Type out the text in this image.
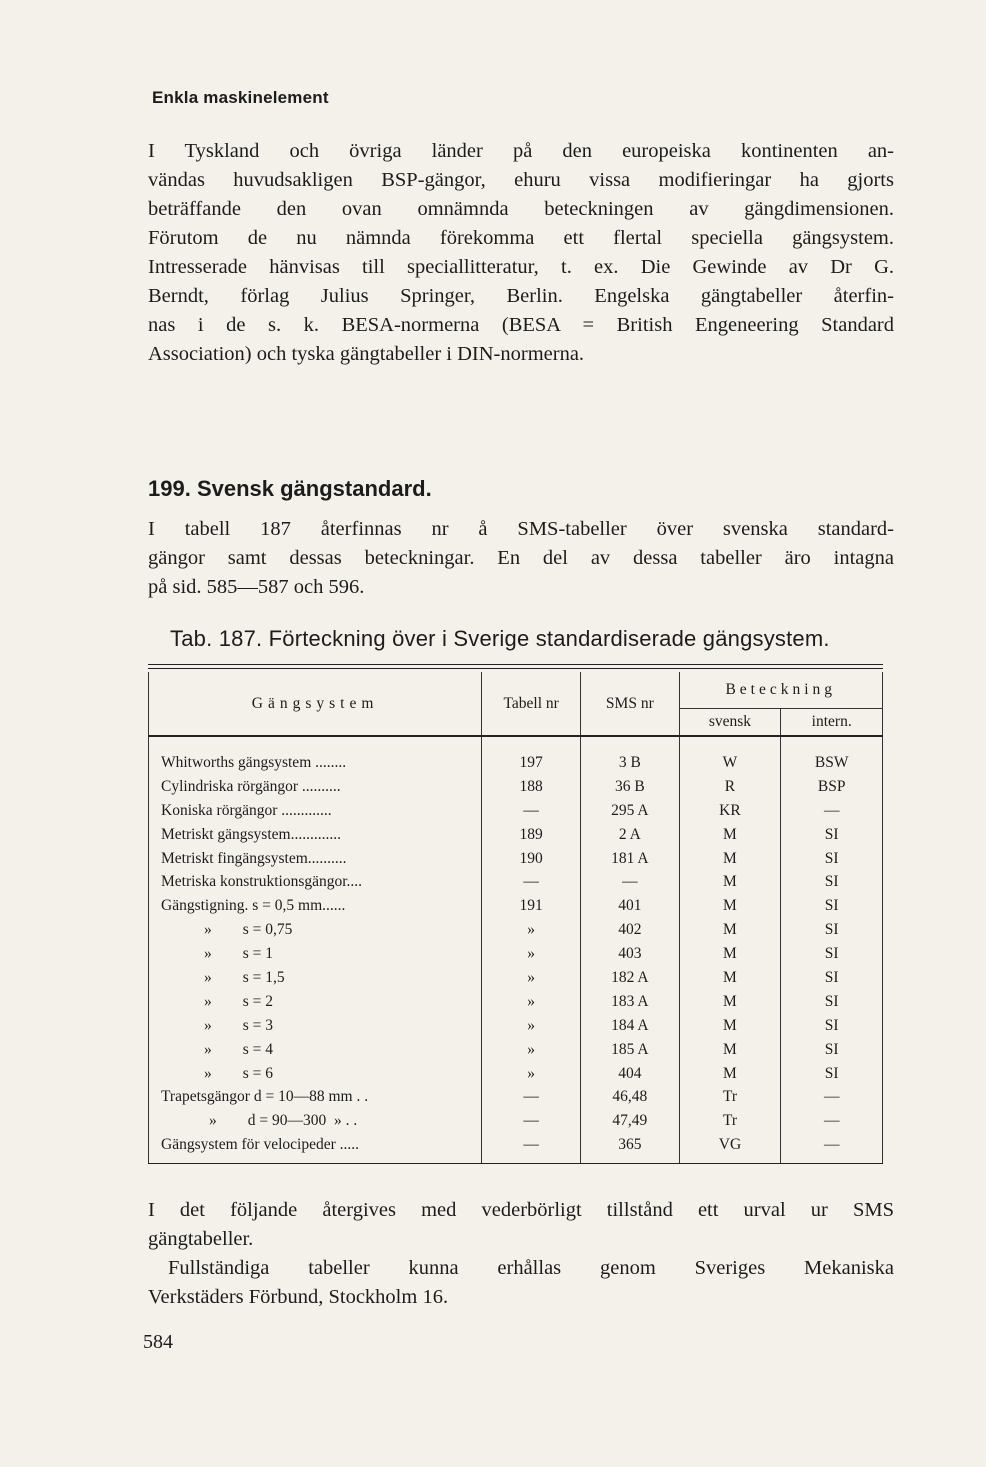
Enkla maskinelement
I Tyskland och övriga länder på den europeiska kontinenten an-
vändas huvudsakligen BSP-gängor, ehuru vissa modifieringar ha gjorts
beträffande den ovan omnämnda beteckningen av gängdimensionen.
Förutom de nu nämnda förekomma ett flertal speciella gängsystem.
Intresserade hänvisas till speciallitteratur, t. ex. Die Gewinde av Dr G.
Berndt, förlag Julius Springer, Berlin. Engelska gängtabeller återfin-
nas i de s. k. BESA-normerna (BESA = British Engeneering Standard
Association) och tyska gängtabeller i DIN-normerna.
199. Svensk gängstandard.
I tabell 187 återfinnas nr å SMS-tabeller över svenska standard-
gängor samt dessas beteckningar. En del av dessa tabeller äro intagna
på sid. 585—587 och 596.
Tab. 187. Förteckning över i Sverige standardiserade gängsystem.
Gängsystem	Tabell nr	SMS nr	Beteckning	
			svensk	intern.
Whitworths gängsystem ........	197	3 B	W	BSW
Cylindriska rörgängor ..........	188	36 B	R	BSP
Koniska rörgängor .............	—	295 A	KR	—
Metriskt gängsystem.............	189	2 A	M	SI
Metriskt fingängsystem..........	190	181 A	M	SI
Metriska konstruktionsgängor....	—	—	M	SI
Gängstigning. s = 0,5 mm......	191	401	M	SI
»        s = 0,75	»	402	M	SI
»        s = 1	»	403	M	SI
»        s = 1,5	»	182 A	M	SI
»        s = 2	»	183 A	M	SI
»        s = 3	»	184 A	M	SI
»        s = 4	»	185 A	M	SI
»        s = 6	»	404	M	SI
Trapetsgängor d = 10—88 mm . .	—	46,48	Tr	—
»        d = 90—300  » . .	—	47,49	Tr	—
Gängsystem för velocipeder .....	—	365	VG	—
I det följande återgives med vederbörligt tillstånd ett urval ur SMS
gängtabeller.
Fullständiga tabeller kunna erhållas genom Sveriges Mekaniska
Verkstäders Förbund, Stockholm 16.
584
